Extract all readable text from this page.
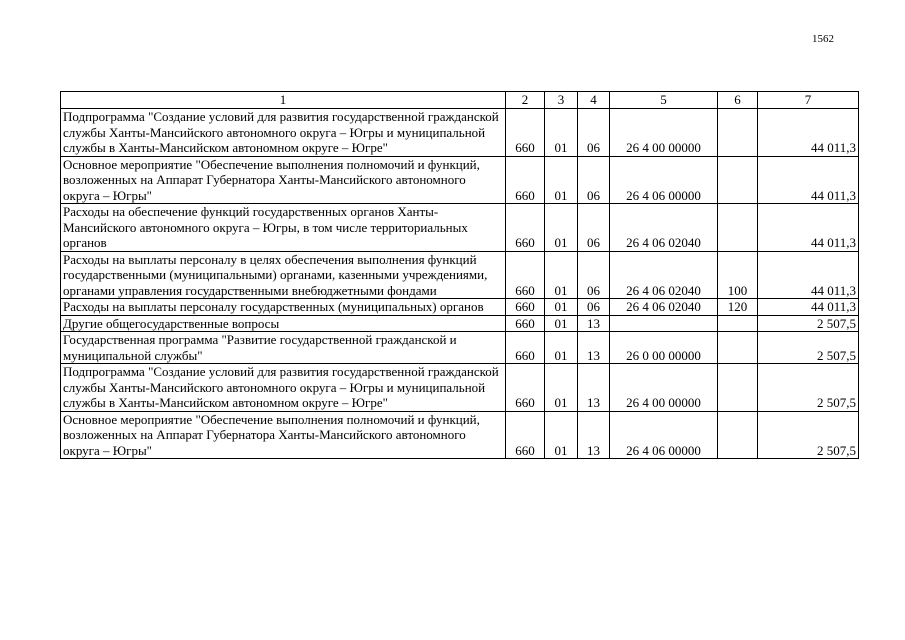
1562
1	2	3	4	5	6	7
Подпрограмма "Создание условий для развития государственной гражданской службы Ханты-Мансийского автономного округа – Югры и муниципальной службы в Ханты-Мансийском автономном округе – Югре"	660	01	06	26 4 00 00000		44 011,3
Основное мероприятие "Обеспечение выполнения полномочий и функций, возложенных на Аппарат Губернатора Ханты-Мансийского автономного округа – Югры"	660	01	06	26 4 06 00000		44 011,3
Расходы на обеспечение функций государственных органов Ханты-Мансийского автономного округа – Югры, в том числе территориальных органов	660	01	06	26 4 06 02040		44 011,3
Расходы на выплаты персоналу в целях обеспечения выполнения функций государственными (муниципальными) органами, казенными учреждениями, органами управления государственными внебюджетными фондами	660	01	06	26 4 06 02040	100	44 011,3
Расходы на выплаты персоналу государственных (муниципальных) органов	660	01	06	26 4 06 02040	120	44 011,3
Другие общегосударственные вопросы	660	01	13			2 507,5
Государственная программа "Развитие государственной гражданской и муниципальной службы"	660	01	13	26 0 00 00000		2 507,5
Подпрограмма "Создание условий для развития государственной гражданской службы Ханты-Мансийского автономного округа – Югры и муниципальной службы в Ханты-Мансийском автономном округе – Югре"	660	01	13	26 4 00 00000		2 507,5
Основное мероприятие "Обеспечение выполнения полномочий и функций, возложенных на Аппарат Губернатора Ханты-Мансийского автономного округа – Югры"	660	01	13	26 4 06 00000		2 507,5
